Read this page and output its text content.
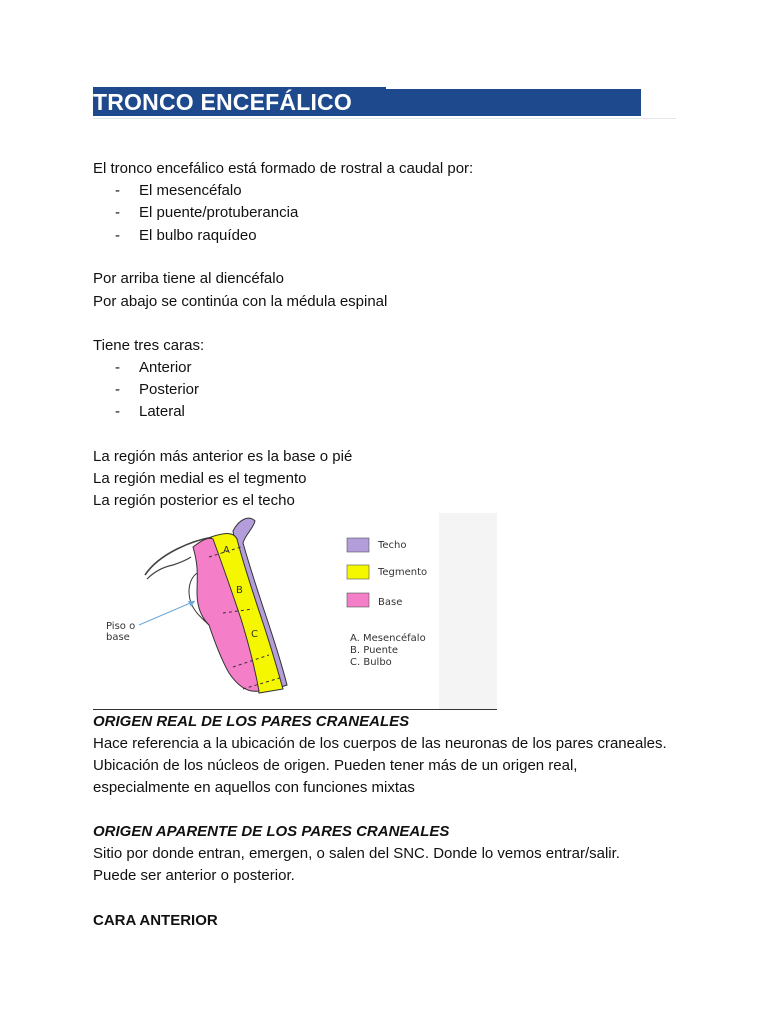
TRONCO ENCEFÁLICO
El tronco encefálico está formado de rostral a caudal por:
- El mesencéfalo
- El puente/protuberancia
- El bulbo raquídeo
Por arriba tiene al diencéfalo
Por abajo se continúa con la médula espinal
Tiene tres caras:
- Anterior
- Posterior
- Lateral
La región más anterior es la base o pié
La región medial es el tegmento
La región posterior es el techo
A
B
C
Piso o
base
Techo
Tegmento
Base
A. Mesencéfalo
B. Puente
C. Bulbo
ORIGEN REAL DE LOS PARES CRANEALES
Hace referencia a la ubicación de los cuerpos de las neuronas de los pares craneales.
Ubicación de los núcleos de origen. Pueden tener más de un origen real,
especialmente en aquellos con funciones mixtas
ORIGEN APARENTE DE LOS PARES CRANEALES
Sitio por donde entran, emergen, o salen del SNC. Donde lo vemos entrar/salir.
Puede ser anterior o posterior.
CARA ANTERIOR
